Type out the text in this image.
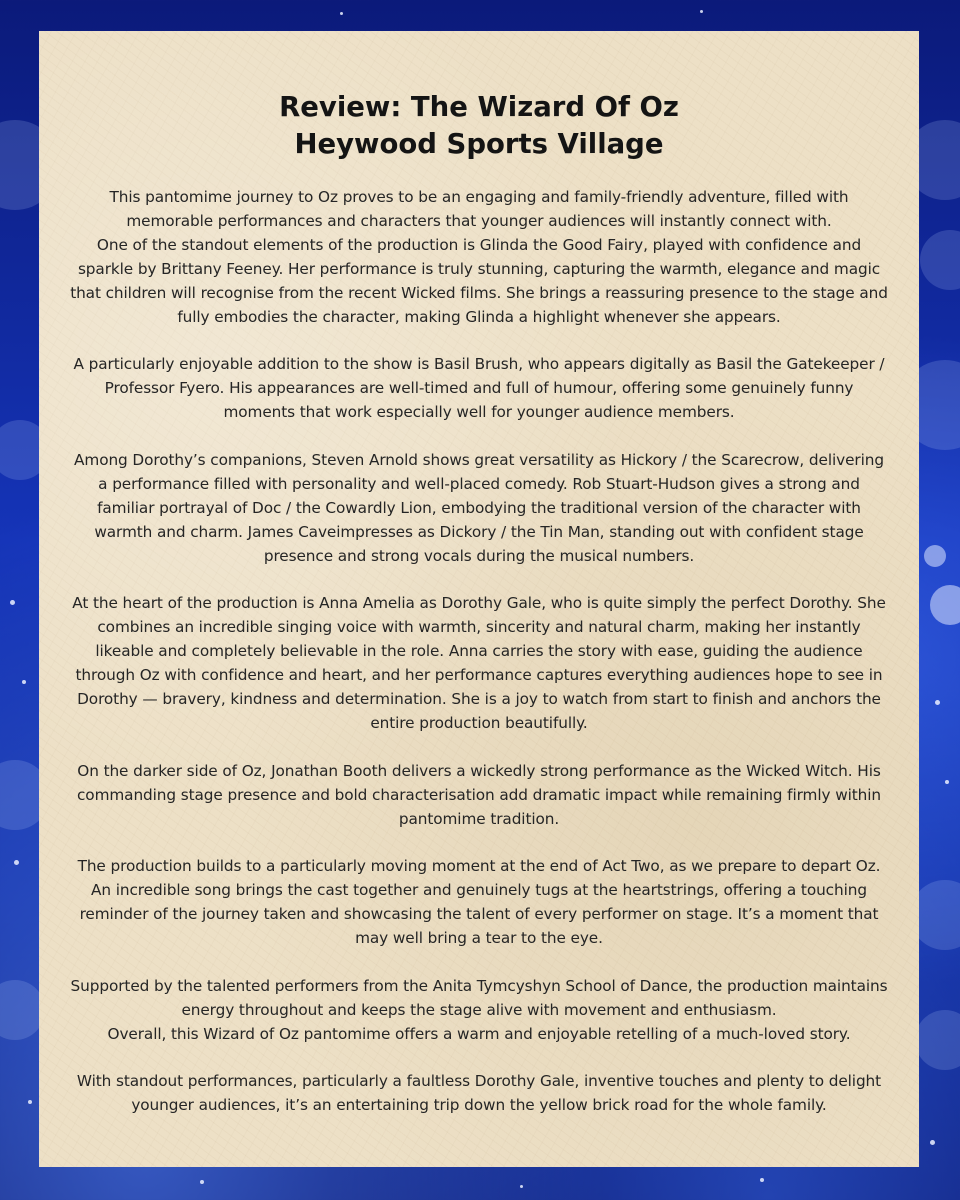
Review: The Wizard Of Oz
Heywood Sports Village

This pantomime journey to Oz proves to be an engaging and family-friendly adventure, filled with memorable performances and characters that younger audiences will instantly connect with.

One of the standout elements of the production is Glinda the Good Fairy, played with confidence and sparkle by Brittany Feeney. Her performance is truly stunning, capturing the warmth, elegance and magic that children will recognise from the recent Wicked films. She brings a reassuring presence to the stage and fully embodies the character, making Glinda a highlight whenever she appears.

A particularly enjoyable addition to the show is Basil Brush, who appears digitally as Basil the Gatekeeper / Professor Fyero. His appearances are well-timed and full of humour, offering some genuinely funny moments that work especially well for younger audience members.

Among Dorothy’s companions, Steven Arnold shows great versatility as Hickory / the Scarecrow, delivering a performance filled with personality and well-placed comedy. Rob Stuart-Hudson gives a strong and familiar portrayal of Doc / the Cowardly Lion, embodying the traditional version of the character with warmth and charm. James Caveimpresses as Dickory / the Tin Man, standing out with confident stage presence and strong vocals during the musical numbers.

At the heart of the production is Anna Amelia as Dorothy Gale, who is quite simply the perfect Dorothy. She combines an incredible singing voice with warmth, sincerity and natural charm, making her instantly likeable and completely believable in the role. Anna carries the story with ease, guiding the audience through Oz with confidence and heart, and her performance captures everything audiences hope to see in Dorothy — bravery, kindness and determination. She is a joy to watch from start to finish and anchors the entire production beautifully.

On the darker side of Oz, Jonathan Booth delivers a wickedly strong performance as the Wicked Witch. His commanding stage presence and bold characterisation add dramatic impact while remaining firmly within pantomime tradition.

The production builds to a particularly moving moment at the end of Act Two, as we prepare to depart Oz. An incredible song brings the cast together and genuinely tugs at the heartstrings, offering a touching reminder of the journey taken and showcasing the talent of every performer on stage. It’s a moment that may well bring a tear to the eye.

Supported by the talented performers from the Anita Tymcyshyn School of Dance, the production maintains energy throughout and keeps the stage alive with movement and enthusiasm.

Overall, this Wizard of Oz pantomime offers a warm and enjoyable retelling of a much-loved story.

With standout performances, particularly a faultless Dorothy Gale, inventive touches and plenty to delight younger audiences, it’s an entertaining trip down the yellow brick road for the whole family.
